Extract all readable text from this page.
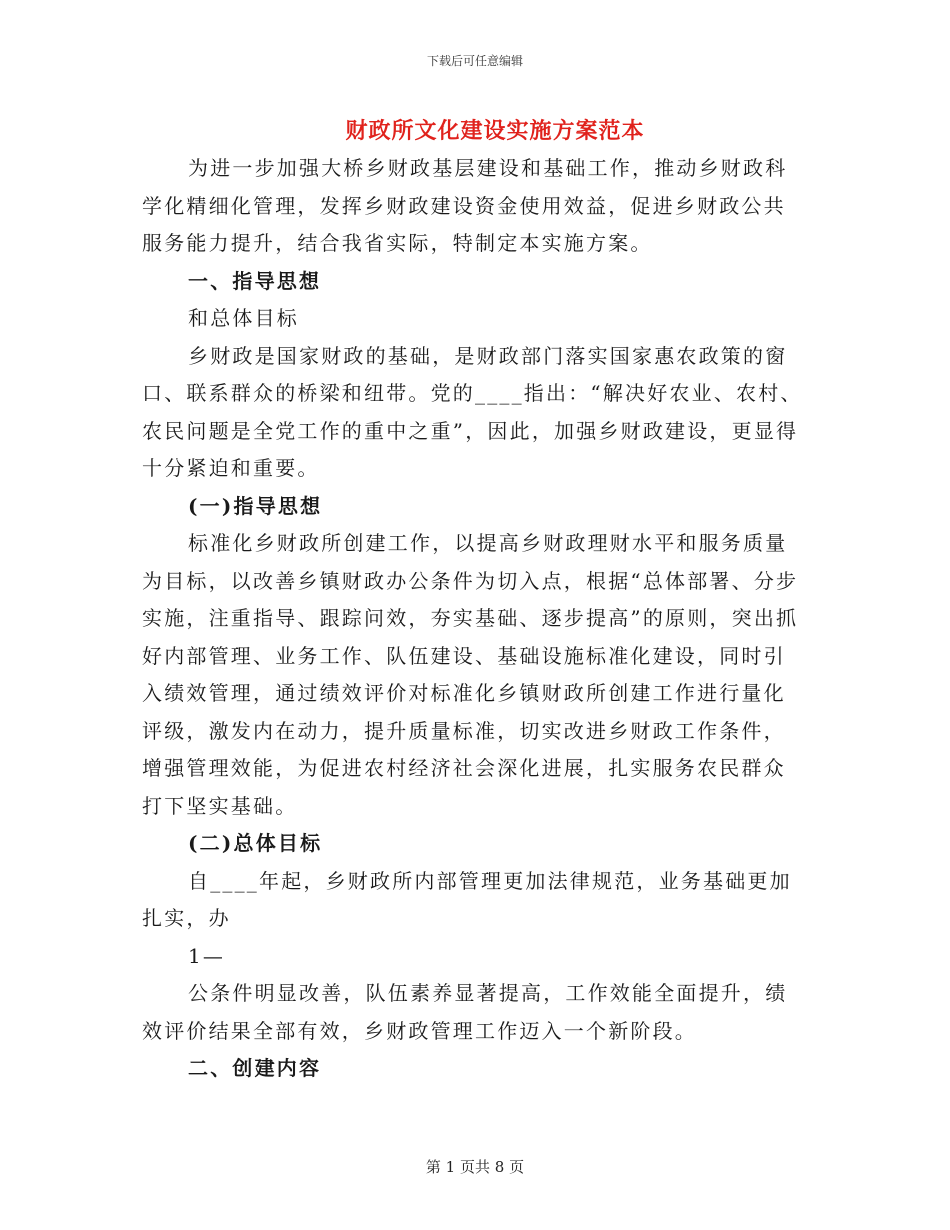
下载后可任意编辑
财政所文化建设实施方案范本

为进一步加强大桥乡财政基层建设和基础工作，推动乡财政科学化精细化管理，发挥乡财政建设资金使用效益，促进乡财政公共服务能力提升，结合我省实际，特制定本实施方案。

一、指导思想

和总体目标

乡财政是国家财政的基础，是财政部门落实国家惠农政策的窗口、联系群众的桥梁和纽带。党的____指出：“解决好农业、农村、农民问题是全党工作的重中之重”，因此，加强乡财政建设，更显得十分紧迫和重要。

(一)指导思想

标准化乡财政所创建工作，以提高乡财政理财水平和服务质量为目标，以改善乡镇财政办公条件为切入点，根据“总体部署、分步实施，注重指导、跟踪问效，夯实基础、逐步提高”的原则，突出抓好内部管理、业务工作、队伍建设、基础设施标准化建设，同时引入绩效管理，通过绩效评价对标准化乡镇财政所创建工作进行量化评级，激发内在动力，提升质量标准，切实改进乡财政工作条件，增强管理效能，为促进农村经济社会深化进展，扎实服务农民群众打下坚实基础。

(二)总体目标

自____年起，乡财政所内部管理更加法律规范，业务基础更加扎实，办

1—

公条件明显改善，队伍素养显著提高，工作效能全面提升，绩效评价结果全部有效，乡财政管理工作迈入一个新阶段。

二、创建内容

第 1 页共 8 页
